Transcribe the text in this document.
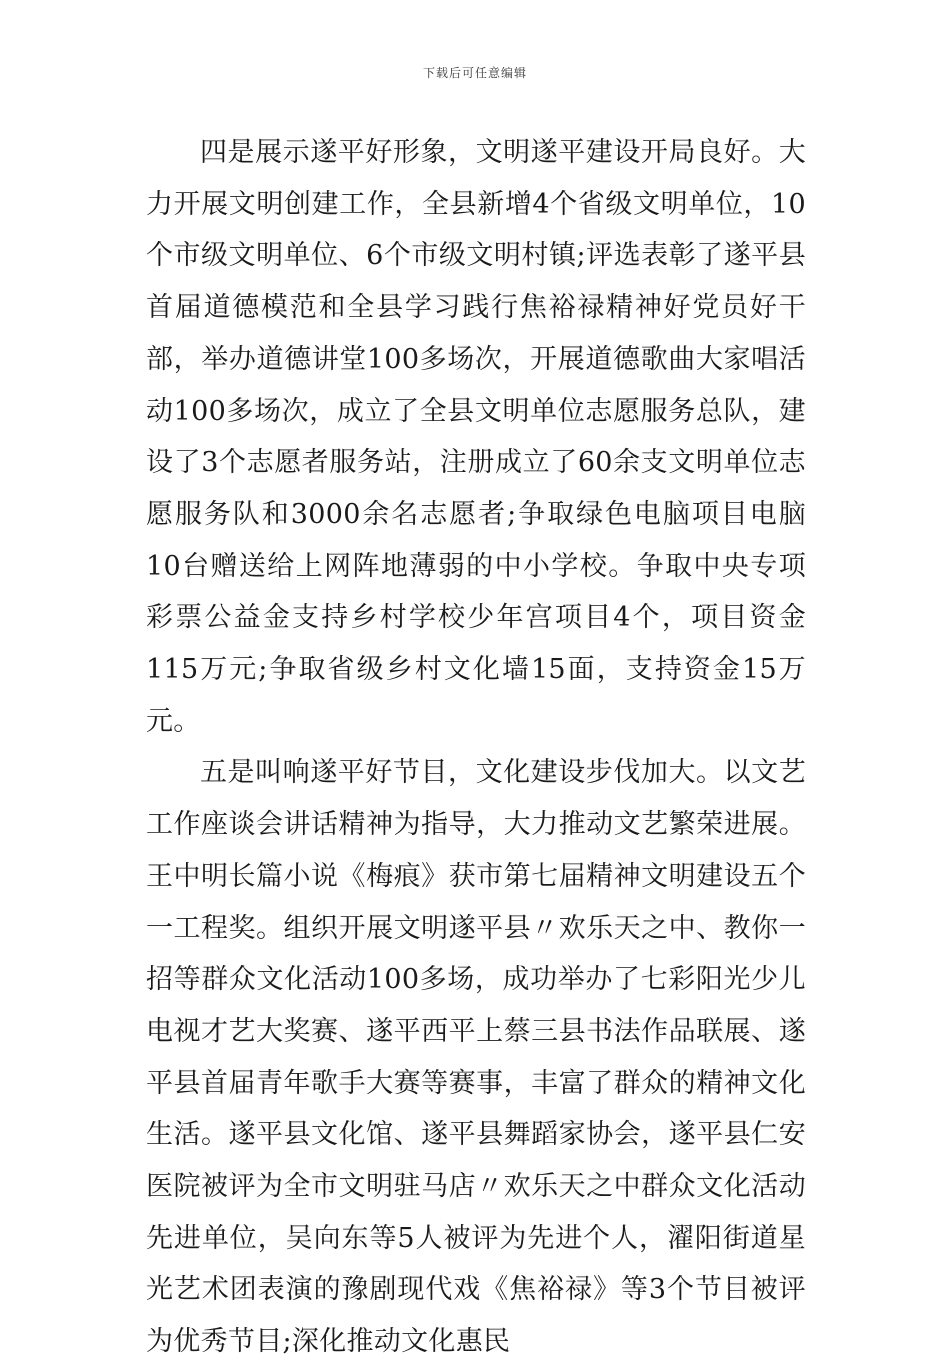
下载后可任意编辑

四是展示遂平好形象，文明遂平建设开局良好。大力开展文明创建工作，全县新增4个省级文明单位，10个市级文明单位、6个市级文明村镇;评选表彰了遂平县首届道德模范和全县学习践行焦裕禄精神好党员好干部，举办道德讲堂100多场次，开展道德歌曲大家唱活动100多场次，成立了全县文明单位志愿服务总队，建设了3个志愿者服务站，注册成立了60余支文明单位志愿服务队和3000余名志愿者;争取绿色电脑项目电脑10台赠送给上网阵地薄弱的中小学校。争取中央专项彩票公益金支持乡村学校少年宫项目4个，项目资金115万元;争取省级乡村文化墙15面，支持资金15万元。

五是叫响遂平好节目，文化建设步伐加大。以文艺工作座谈会讲话精神为指导，大力推动文艺繁荣进展。王中明长篇小说《梅痕》获市第七届精神文明建设五个一工程奖。组织开展文明遂平县〃欢乐天之中、教你一招等群众文化活动100多场，成功举办了七彩阳光少儿电视才艺大奖赛、遂平西平上蔡三县书法作品联展、遂平县首届青年歌手大赛等赛事，丰富了群众的精神文化生活。遂平县文化馆、遂平县舞蹈家协会，遂平县仁安医院被评为全市文明驻马店〃欢乐天之中群众文化活动先进单位，吴向东等5人被评为先进个人，濯阳街道星光艺术团表演的豫剧现代戏《焦裕禄》等3个节目被评为优秀节目;深化推动文化惠民
